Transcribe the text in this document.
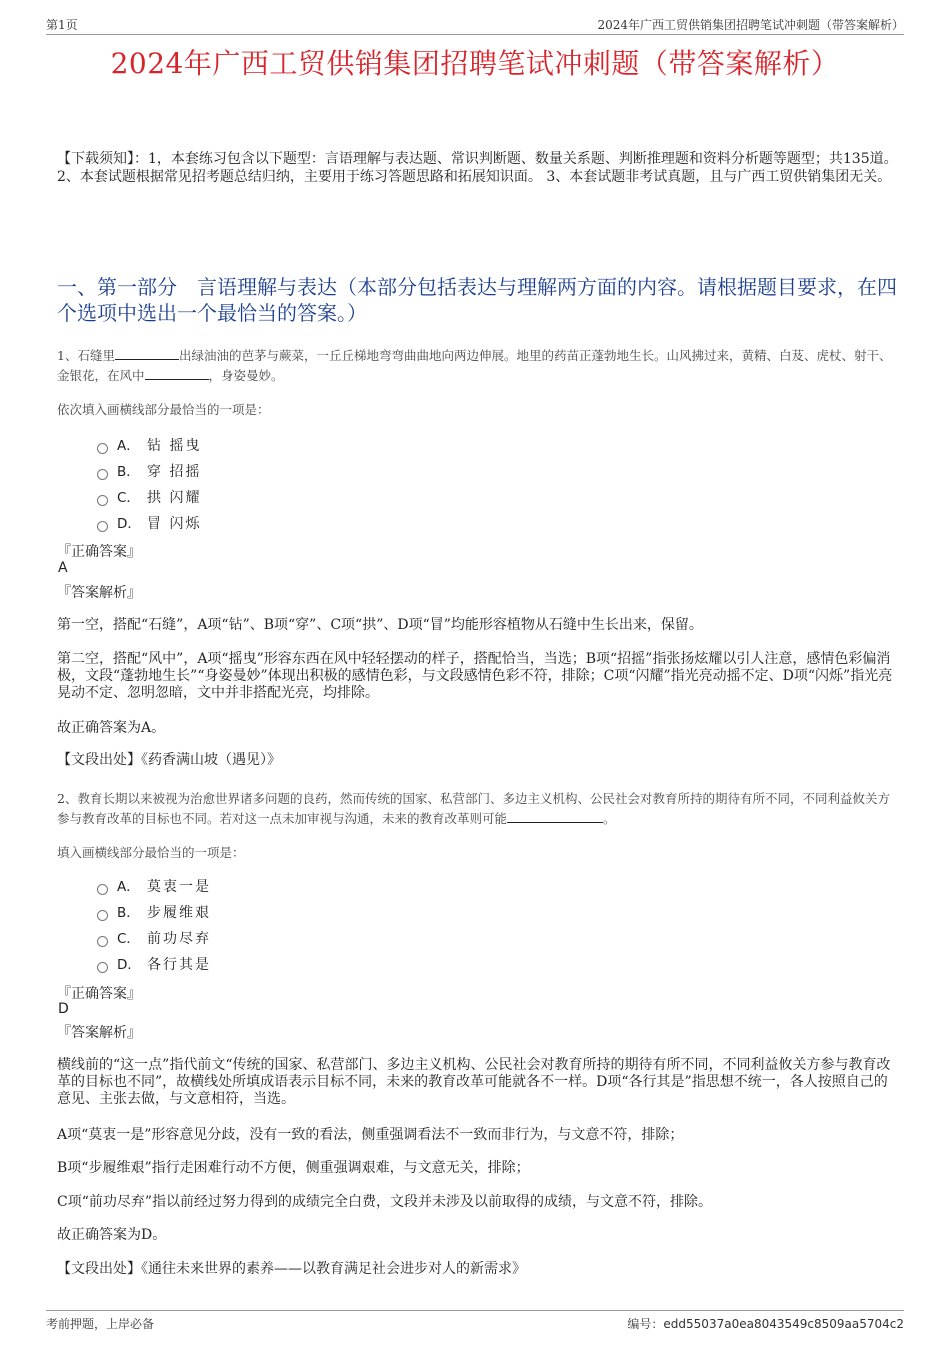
第1页	2024年广西工贸供销集团招聘笔试冲刺题（带答案解析）
2024年广西工贸供销集团招聘笔试冲刺题（带答案解析）
【下载须知】：1，本套练习包含以下题型：言语理解与表达题、常识判断题、数量关系题、判断推理题和资料分析题等题型；共135道。 2、本套试题根据常见招考题总结归纳，主要用于练习答题思路和拓展知识面。 3、本套试题非考试真题，且与广西工贸供销集团无关。
一、第一部分　言语理解与表达（本部分包括表达与理解两方面的内容。请根据题目要求，在四个选项中选出一个最恰当的答案。）
1、石缝里	出绿油油的芭茅与蕨菜，一丘丘梯地弯弯曲曲地向两边伸展。地里的药苗正蓬勃地生长。山风拂过来，黄精、白芨、虎杖、射干、金银花，在风中	，身姿曼妙。
依次填入画横线部分最恰当的一项是：
A． 钻 摇曳
B． 穿 招摇
C． 拱 闪耀
D． 冒 闪烁
『正确答案』
A
『答案解析』
第一空，搭配“石缝”，A项“钻”、B项“穿”、C项“拱”、D项“冒”均能形容植物从石缝中生长出来，保留。
第二空，搭配“风中”，A项“摇曳”形容东西在风中轻轻摆动的样子，搭配恰当，当选；B项“招摇”指张扬炫耀以引人注意，感情色彩偏消极，文段“蓬勃地生长”“身姿曼妙”体现出积极的感情色彩，与文段感情色彩不符，排除；C项“闪耀”指光亮动摇不定、D项“闪烁”指光亮晃动不定、忽明忽暗，文中并非搭配光亮，均排除。
故正确答案为A。
【文段出处】《药香满山坡（遇见）》
2、教育长期以来被视为治愈世界诸多问题的良药，然而传统的国家、私营部门、多边主义机构、公民社会对教育所持的期待有所不同，不同利益攸关方参与教育改革的目标也不同。若对这一点未加审视与沟通，未来的教育改革则可能	。
填入画横线部分最恰当的一项是：
A． 莫衷一是
B． 步履维艰
C． 前功尽弃
D． 各行其是
『正确答案』
D
『答案解析』
横线前的“这一点”指代前文“传统的国家、私营部门、多边主义机构、公民社会对教育所持的期待有所不同，不同利益攸关方参与教育改革的目标也不同”，故横线处所填成语表示目标不同，未来的教育改革可能就各不一样。D项“各行其是”指思想不统一，各人按照自己的意见、主张去做，与文意相符，当选。
A项“莫衷一是”形容意见分歧，没有一致的看法，侧重强调看法不一致而非行为，与文意不符，排除；
B项“步履维艰”指行走困难行动不方便，侧重强调艰难，与文意无关，排除；
C项“前功尽弃”指以前经过努力得到的成绩完全白费，文段并未涉及以前取得的成绩，与文意不符，排除。
故正确答案为D。
【文段出处】《通往未来世界的素养——以教育满足社会进步对人的新需求》
考前押题，上岸必备	编号：edd55037a0ea8043549c8509aa5704c2
